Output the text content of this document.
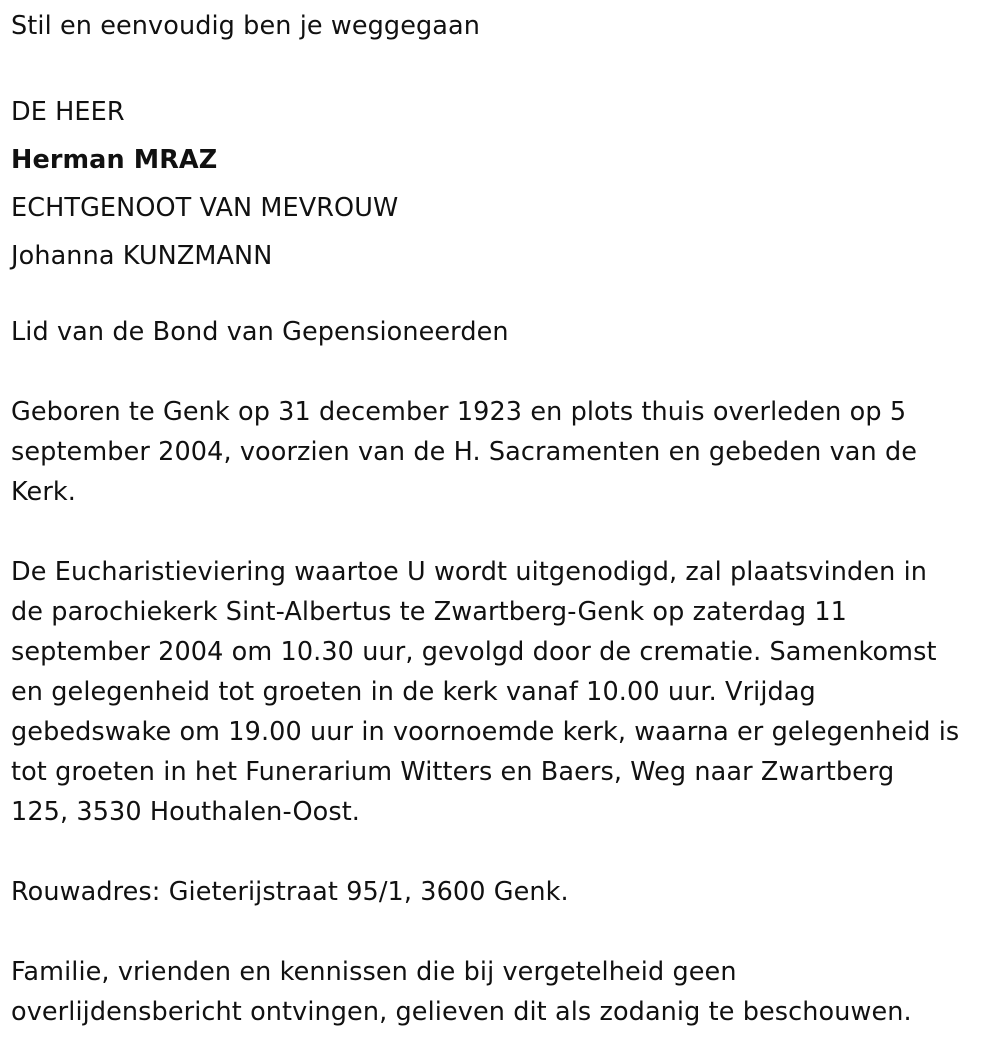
Stil en eenvoudig ben je weggegaan

DE HEER

Herman MRAZ

ECHTGENOOT VAN MEVROUW

Johanna KUNZMANN

Lid van de Bond van Gepensioneerden

Geboren te Genk op 31 december 1923 en plots thuis overleden op 5
september 2004, voorzien van de H. Sacramenten en gebeden van de
Kerk.

De Eucharistieviering waartoe U wordt uitgenodigd, zal plaatsvinden in
de parochiekerk Sint-Albertus te Zwartberg-Genk op zaterdag 11
september 2004 om 10.30 uur, gevolgd door de crematie. Samenkomst
en gelegenheid tot groeten in de kerk vanaf 10.00 uur. Vrijdag
gebedswake om 19.00 uur in voornoemde kerk, waarna er gelegenheid is
tot groeten in het Funerarium Witters en Baers, Weg naar Zwartberg
125, 3530 Houthalen-Oost.

Rouwadres: Gieterijstraat 95/1, 3600 Genk.

Familie, vrienden en kennissen die bij vergetelheid geen
overlijdensbericht ontvingen, gelieven dit als zodanig te beschouwen.
